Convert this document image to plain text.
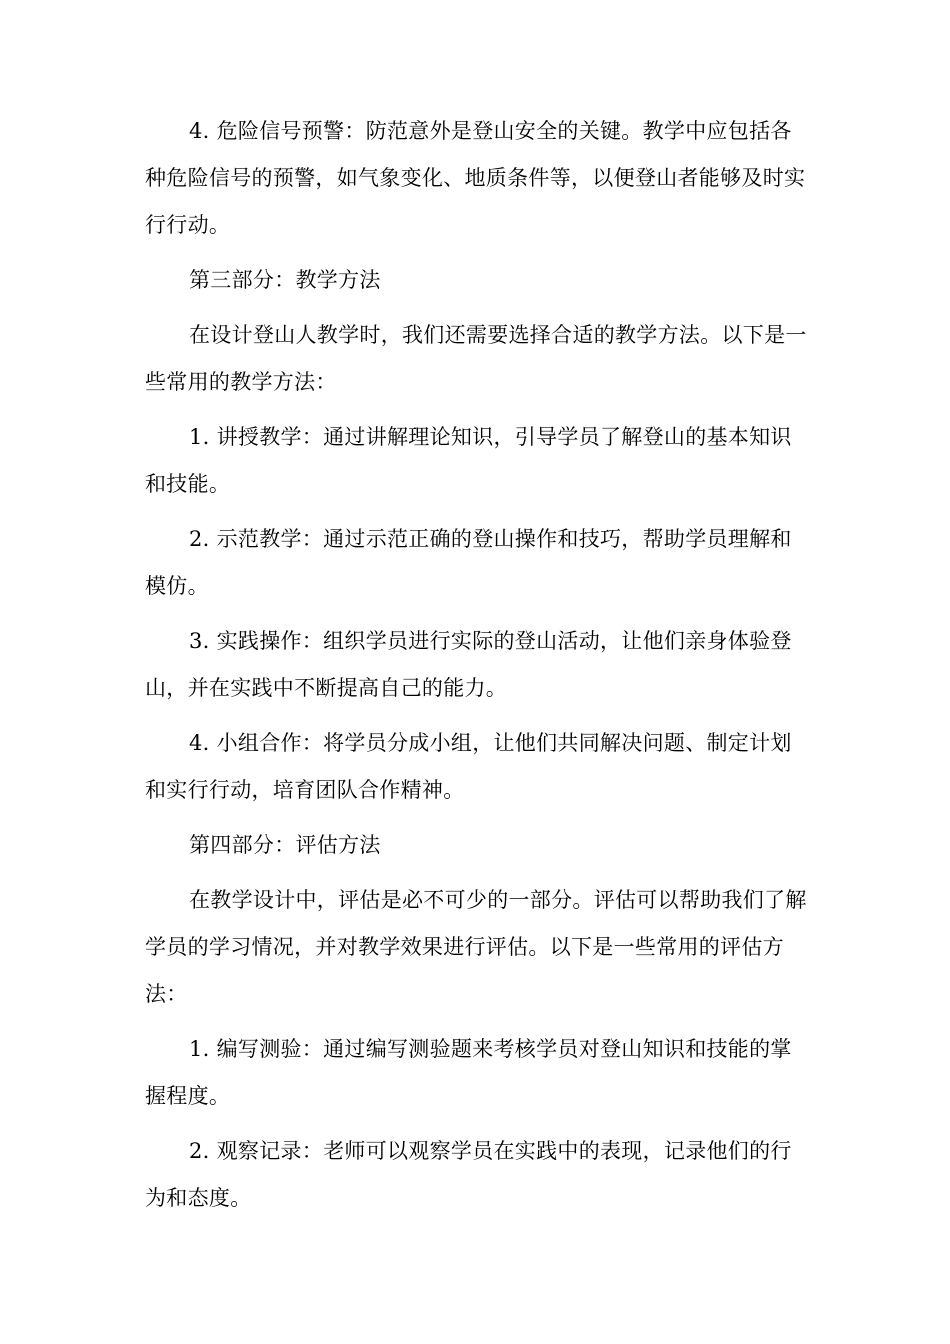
4. 危险信号预警：防范意外是登山安全的关键。教学中应包括各种危险信号的预警，如气象变化、地质条件等，以便登山者能够及时实行行动。

第三部分：教学方法

在设计登山人教学时，我们还需要选择合适的教学方法。以下是一些常用的教学方法：

1. 讲授教学：通过讲解理论知识，引导学员了解登山的基本知识和技能。

2. 示范教学：通过示范正确的登山操作和技巧，帮助学员理解和模仿。

3. 实践操作：组织学员进行实际的登山活动，让他们亲身体验登山，并在实践中不断提高自己的能力。

4. 小组合作：将学员分成小组，让他们共同解决问题、制定计划和实行行动，培育团队合作精神。

第四部分：评估方法

在教学设计中，评估是必不可少的一部分。评估可以帮助我们了解学员的学习情况，并对教学效果进行评估。以下是一些常用的评估方法：

1. 编写测验：通过编写测验题来考核学员对登山知识和技能的掌握程度。

2. 观察记录：老师可以观察学员在实践中的表现，记录他们的行为和态度。
